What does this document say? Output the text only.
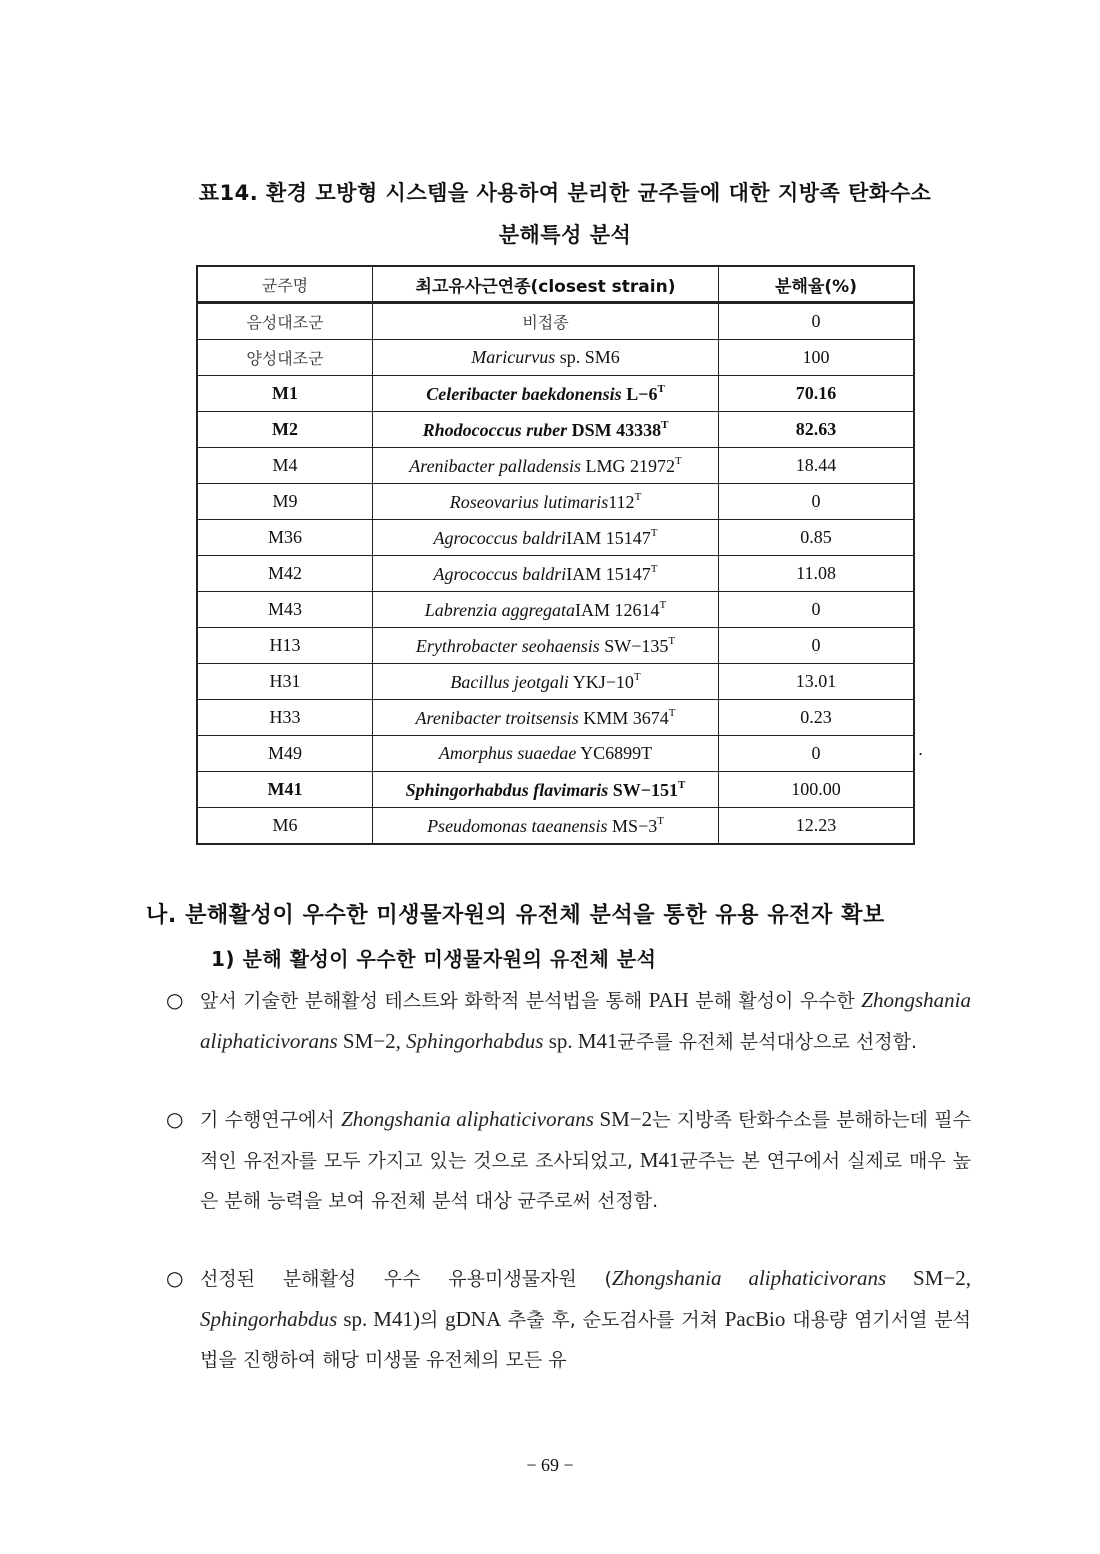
표14. 환경 모방형 시스템을 사용하여 분리한 균주들에 대한 지방족 탄화수소
분해특성 분석
균주명	최고유사근연종(closest strain)	분해율(%)
음성대조군	비접종	0
양성대조군	Maricurvus sp. SM6	100
M1	Celeribacter baekdonensis $L-6^T$	70.16
M2	Rhodococcus ruber DSM $43338^T$	82.63
M4	Arenibacter palladensis LMG $21972^T$	18.44
M9	Roseovarius $lutimaris112^T$	0
M36	Agrococcus baldriIAM $15147^T$	0.85
M42	Agrococcus baldriIAM $15147^T$	11.08
M43	Labrenzia aggregataIAM $12614^T$	0
H13	Erythrobacter seohaensis $SW-135^T$	0
H31	Bacillus jeotgali $YKJ-10^T$	13.01
H33	Arenibacter troitsensis KMM $3674^T$	0.23
M49	Amorphus suaedae YC6899T	0
M41	Sphingorhabdus flavimaris $SW-151^T$	100.00
M6	Pseudomonas taeanensis $MS-3^T$	12.23
.
나. 분해활성이 우수한 미생물자원의 유전체 분석을 통한 유용 유전자 확보
1) 분해 활성이 우수한 미생물자원의 유전체 분석
○ 앞서 기술한 분해활성 테스트와 화학적 분석법을 통해 PAH 분해 활성이 우수한 Zhongshania aliphaticivorans SM−2, Sphingorhabdus sp. M41균주를 유전체 분석대상으로 선정함.
○ 기 수행연구에서 Zhongshania aliphaticivorans SM−2는 지방족 탄화수소를 분해하는데 필수적인 유전자를 모두 가지고 있는 것으로 조사되었고, M41균주는 본 연구에서 실제로 매우 높은 분해 능력을 보여 유전체 분석 대상 균주로써 선정함.
○ 선정된 분해활성 우수 유용미생물자원 (Zhongshania aliphaticivorans SM−2, Sphingorhabdus sp. M41)의 gDNA 추출 후, 순도검사를 거쳐 PacBio 대용량 염기서열 분석법을 진행하여 해당 미생물 유전체의 모든 유
− 69 −
